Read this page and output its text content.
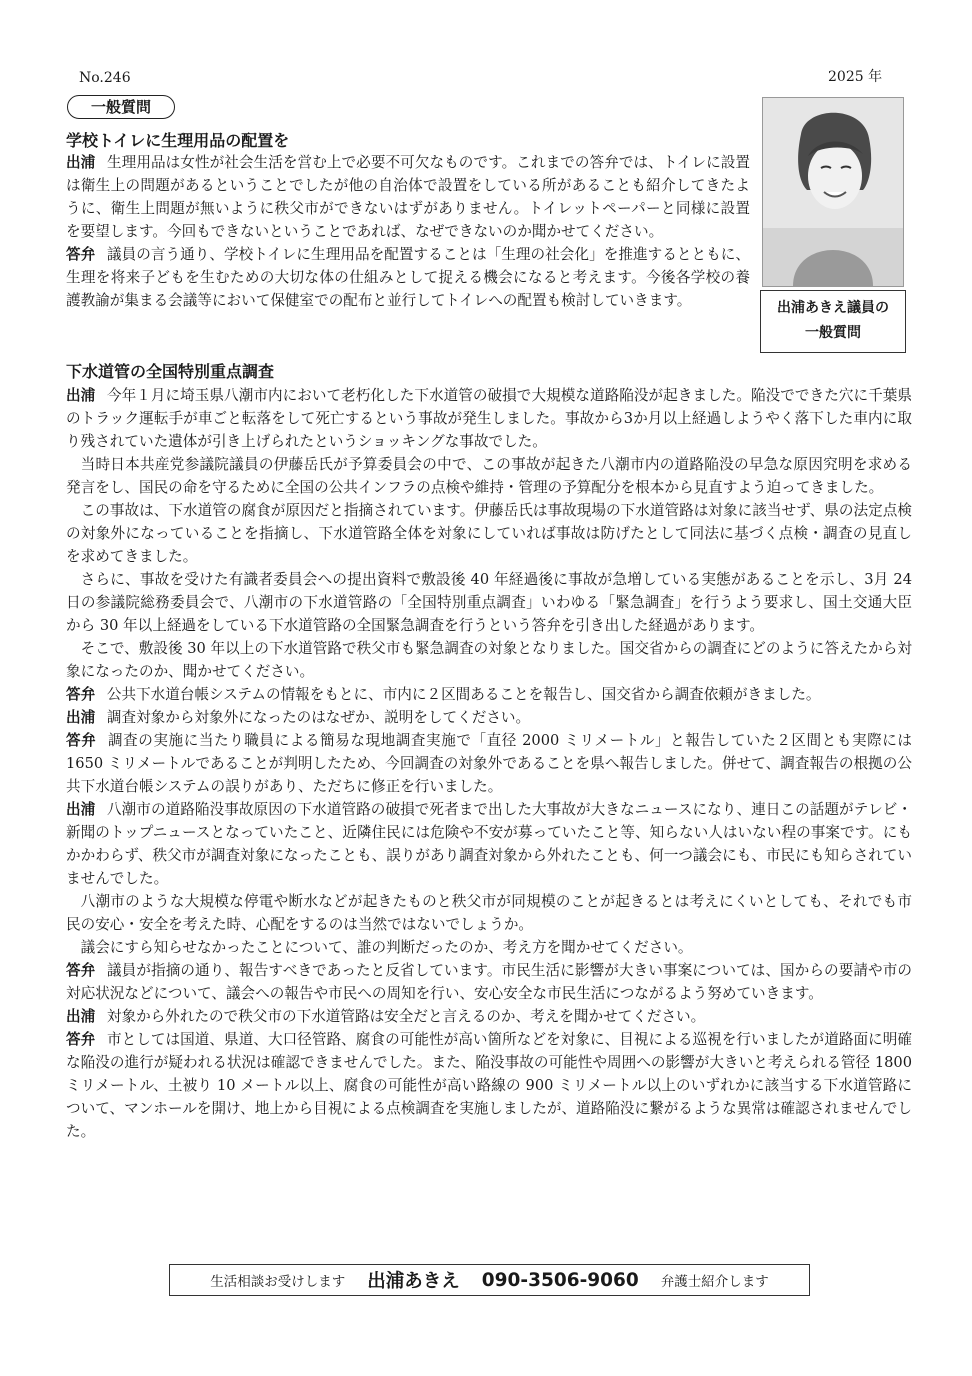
No.246	2025 年
一般質問
出浦あきえ議員の
一般質問
学校トイレに生理用品の配置を

出浦 生理用品は女性が社会生活を営む上で必要不可欠なものです。これまでの答弁では、トイレに設置は衛生上の問題があるということでしたが他の自治体で設置をしている所があることも紹介してきたように、衛生上問題が無いように秩父市ができないはずがありません。トイレットペーパーと同様に設置を要望します。今回もできないということであれば、なぜできないのか聞かせてください。

答弁 議員の言う通り、学校トイレに生理用品を配置することは「生理の社会化」を推進するとともに、生理を将来子どもを生むための大切な体の仕組みとして捉える機会になると考えます。今後各学校の養護教諭が集まる会議等において保健室での配布と並行してトイレへの配置も検討していきます。

下水道管の全国特別重点調査

出浦 今年１月に埼玉県八潮市内において老朽化した下水道管の破損で大規模な道路陥没が起きました。陥没でできた穴に千葉県のトラック運転手が車ごと転落をして死亡するという事故が発生しました。事故から3か月以上経過しようやく落下した車内に取り残されていた遺体が引き上げられたというショッキングな事故でした。

当時日本共産党参議院議員の伊藤岳氏が予算委員会の中で、この事故が起きた八潮市内の道路陥没の早急な原因究明を求める発言をし、国民の命を守るために全国の公共インフラの点検や維持・管理の予算配分を根本から見直すよう迫ってきました。

この事故は、下水道管の腐食が原因だと指摘されています。伊藤岳氏は事故現場の下水道管路は対象に該当せず、県の法定点検の対象外になっていることを指摘し、下水道管路全体を対象にしていれば事故は防げたとして同法に基づく点検・調査の見直しを求めてきました。

さらに、事故を受けた有識者委員会への提出資料で敷設後 40 年経過後に事故が急増している実態があることを示し、3月 24 日の参議院総務委員会で、八潮市の下水道管路の「全国特別重点調査」いわゆる「緊急調査」を行うよう要求し、国土交通大臣から 30 年以上経過をしている下水道管路の全国緊急調査を行うという答弁を引き出した経過があります。

そこで、敷設後 30 年以上の下水道管路で秩父市も緊急調査の対象となりました。国交省からの調査にどのように答えたから対象になったのか、聞かせてください。

答弁 公共下水道台帳システムの情報をもとに、市内に２区間あることを報告し、国交省から調査依頼がきました。

出浦 調査対象から対象外になったのはなぜか、説明をしてください。

答弁 調査の実施に当たり職員による簡易な現地調査実施で「直径 2000 ミリメートル」と報告していた２区間とも実際には 1650 ミリメートルであることが判明したため、今回調査の対象外であることを県へ報告しました。併せて、調査報告の根拠の公共下水道台帳システムの誤りがあり、ただちに修正を行いました。

出浦 八潮市の道路陥没事故原因の下水道管路の破損で死者まで出した大事故が大きなニュースになり、連日この話題がテレビ・新聞のトップニュースとなっていたこと、近隣住民には危険や不安が募っていたこと等、知らない人はいない程の事案です。にもかかわらず、秩父市が調査対象になったことも、誤りがあり調査対象から外れたことも、何一つ議会にも、市民にも知らされていませんでした。

八潮市のような大規模な停電や断水などが起きたものと秩父市が同規模のことが起きるとは考えにくいとしても、それでも市民の安心・安全を考えた時、心配をするのは当然ではないでしょうか。

議会にすら知らせなかったことについて、誰の判断だったのか、考え方を聞かせてください。

答弁 議員が指摘の通り、報告すべきであったと反省しています。市民生活に影響が大きい事案については、国からの要請や市の対応状況などについて、議会への報告や市民への周知を行い、安心安全な市民生活につながるよう努めていきます。

出浦 対象から外れたので秩父市の下水道管路は安全だと言えるのか、考えを聞かせてください。

答弁 市としては国道、県道、大口径管路、腐食の可能性が高い箇所などを対象に、目視による巡視を行いましたが道路面に明確な陥没の進行が疑われる状況は確認できませんでした。また、陥没事故の可能性や周囲への影響が大きいと考えられる管径 1800 ミリメートル、土被り 10 メートル以上、腐食の可能性が高い路線の 900 ミリメートル以上のいずれかに該当する下水道管路について、マンホールを開け、地上から目視による点検調査を実施しましたが、道路陥没に繋がるような異常は確認されませんでした。

生活相談お受けします 出浦あきえ 090-3506-9060 弁護士紹介します
